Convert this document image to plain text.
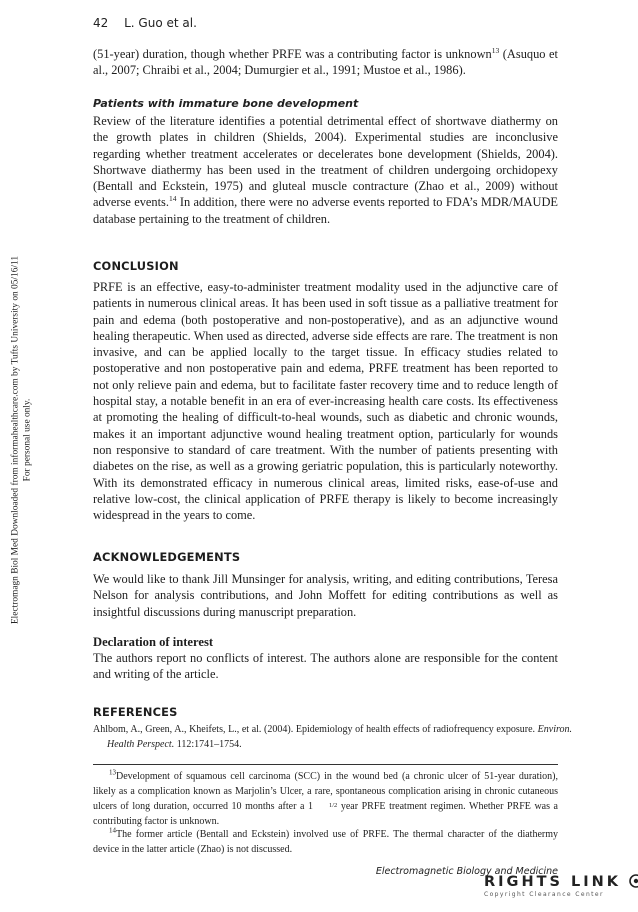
Electromagn Biol Med Downloaded from informahealthcare.com by Tufts University on 05/16/11 For personal use only.
42 L. Guo et al.
(51-year) duration, though whether PRFE was a contributing factor is unknown$^{13}$ (Asuquo et al., 2007; Chraibi et al., 2004; Dumurgier et al., 1991; Mustoe et al., 1986).
Patients with immature bone development
Review of the literature identifies a potential detrimental effect of shortwave diathermy on the growth plates in children (Shields, 2004). Experimental studies are inconclusive regarding whether treatment accelerates or decelerates bone development (Shields, 2004). Shortwave diathermy has been used in the treatment of children undergoing orchidopexy (Bentall and Eckstein, 1975) and gluteal muscle contracture (Zhao et al., 2009) without adverse events.$^{14}$ In addition, there were no adverse events reported to FDA’s MDR/MAUDE database pertaining to the treatment of children.
CONCLUSION
PRFE is an effective, easy-to-administer treatment modality used in the adjunctive care of patients in numerous clinical areas. It has been used in soft tissue as a palliative treatment for pain and edema (both postoperative and non-postoperative), and as an adjunctive wound healing therapeutic. When used as directed, adverse side effects are rare. The treatment is non invasive, and can be applied locally to the target tissue. In efficacy studies related to postoperative and non postoperative pain and edema, PRFE treatment has been reported to not only relieve pain and edema, but to facilitate faster recovery time and to reduce length of hospital stay, a notable benefit in an era of ever-increasing health care costs. Its effectiveness at promoting the healing of difficult-to-heal wounds, such as diabetic and chronic wounds, makes it an important adjunctive wound healing treatment option, particularly for wounds non responsive to standard of care treatment. With the number of patients presenting with diabetes on the rise, as well as a growing geriatric population, this is particularly noteworthy. With its demonstrated efficacy in numerous clinical areas, limited risks, ease-of-use and relative low-cost, the clinical application of PRFE therapy is likely to become increasingly widespread in the years to come.
ACKNOWLEDGEMENTS
We would like to thank Jill Munsinger for analysis, writing, and editing contributions, Teresa Nelson for analysis contributions, and John Moffett for editing contributions as well as insightful discussions during manuscript preparation.
Declaration of interest
The authors report no conflicts of interest. The authors alone are responsible for the content and writing of the article.
REFERENCES
Ahlbom, A., Green, A., Kheifets, L., et al. (2004). Epidemiology of health effects of radiofrequency exposure. Environ. Health Perspect. 112:1741–1754.
$^{13}$Development of squamous cell carcinoma (SCC) in the wound bed (a chronic ulcer of 51-year duration), likely as a complication known as Marjolin’s Ulcer, a rare, spontaneous complication arising in chronic cutaneous ulcers of long duration, occurred 10 months after a 1 1/2 year PRFE treatment regimen. Whether PRFE was a contributing factor is unknown.
$^{14}$The former article (Bentall and Eckstein) involved use of PRFE. The thermal character of the diathermy device in the latter article (Zhao) is not discussed.
Electromagnetic Biology and Medicine
RIGHTS LINK
Copyright Clearance Center
